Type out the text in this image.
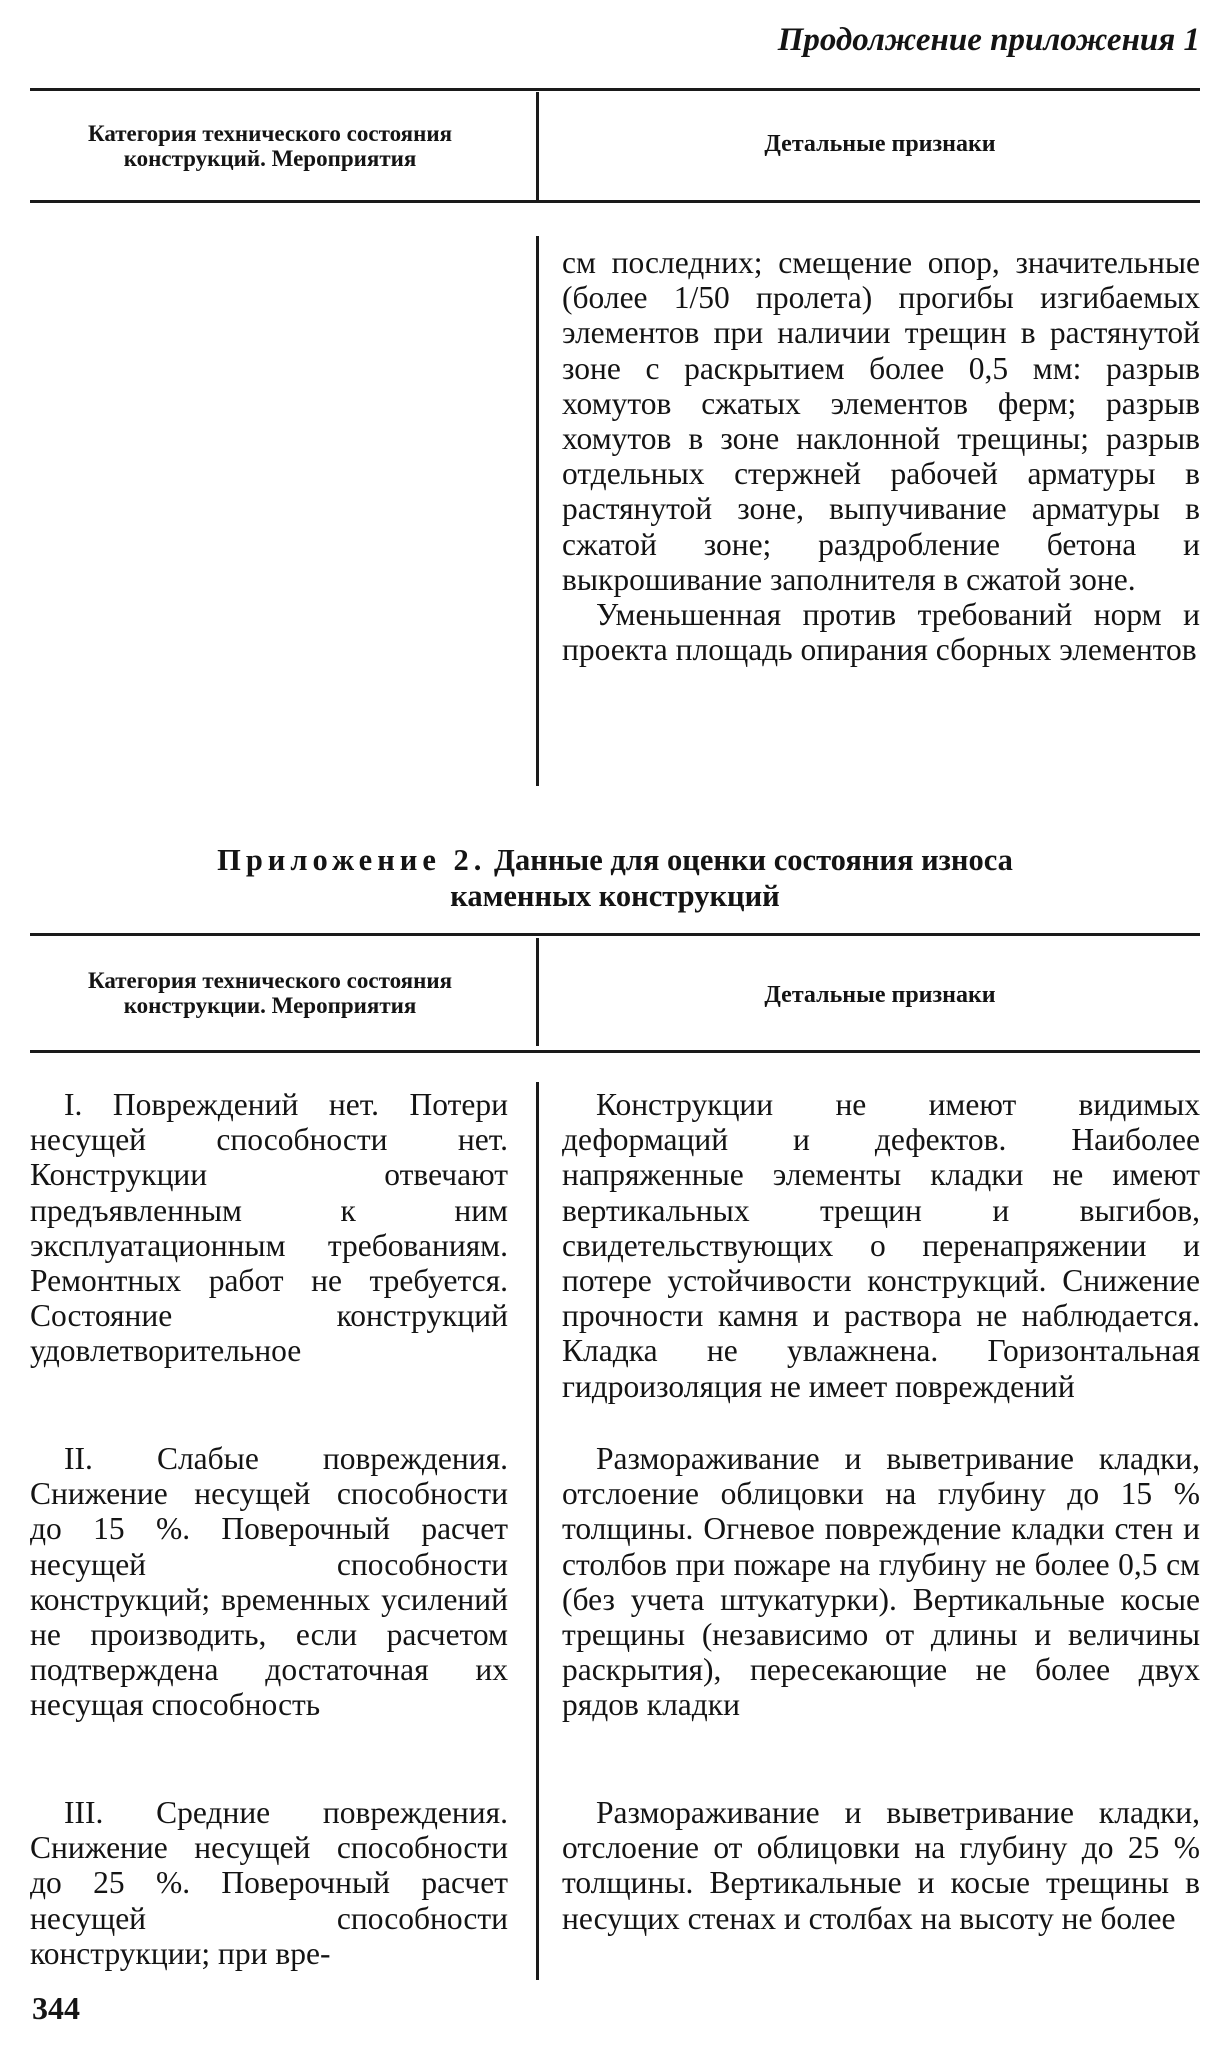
Продолжение приложения 1
Категория технического состояния конструкций. Мероприятия
Детальные признаки

см последних; смещение опор, значительные (более 1/50 пролета) прогибы изгибаемых элементов при наличии трещин в растянутой зоне с раскрытием более 0,5 мм: разрыв хомутов сжатых элементов ферм; разрыв хомутов в зоне наклонной трещины; разрыв отдельных стержней рабочей арматуры в растянутой зоне, выпучивание арматуры в сжатой зоне; раздробление бетона и выкрошивание заполнителя в сжатой зоне.

Уменьшенная против требований норм и проекта площадь опирания сборных элементов

Приложение 2. Данные для оценки состояния износа
каменных конструкций
Категория технического состояния конструкции. Мероприятия	Детальные признаки

I. Повреждений нет. Потери несущей способности нет. Конструкции отвечают предъявленным к ним эксплуатационным требованиям. Ремонтных работ не требуется. Состояние конструкций удовлетворительное

Конструкции не имеют видимых деформаций и дефектов. Наиболее напряженные элементы кладки не имеют вертикальных трещин и выгибов, свидетельствующих о перенапряжении и потере устойчивости конструкций. Снижение прочности камня и раствора не наблюдается. Кладка не увлажнена. Горизонтальная гидроизоляция не имеет повреждений

II. Слабые повреждения. Снижение несущей способности до 15 %. Поверочный расчет несущей способности конструкций; временных усилений не производить, если расчетом подтверждена достаточная их несущая способность

Размораживание и выветривание кладки, отслоение облицовки на глубину до 15 % толщины. Огневое повреждение кладки стен и столбов при пожаре на глубину не более 0,5 см (без учета штукатурки). Вертикальные косые трещины (независимо от длины и величины раскрытия), пересекающие не более двух рядов кладки

III. Средние повреждения. Снижение несущей способности до 25 %. Поверочный расчет несущей способности конструкции; при вре-

Размораживание и выветривание кладки, отслоение от облицовки на глубину до 25 % толщины. Вертикальные и косые трещины в несущих стенах и столбах на высоту не более

344
